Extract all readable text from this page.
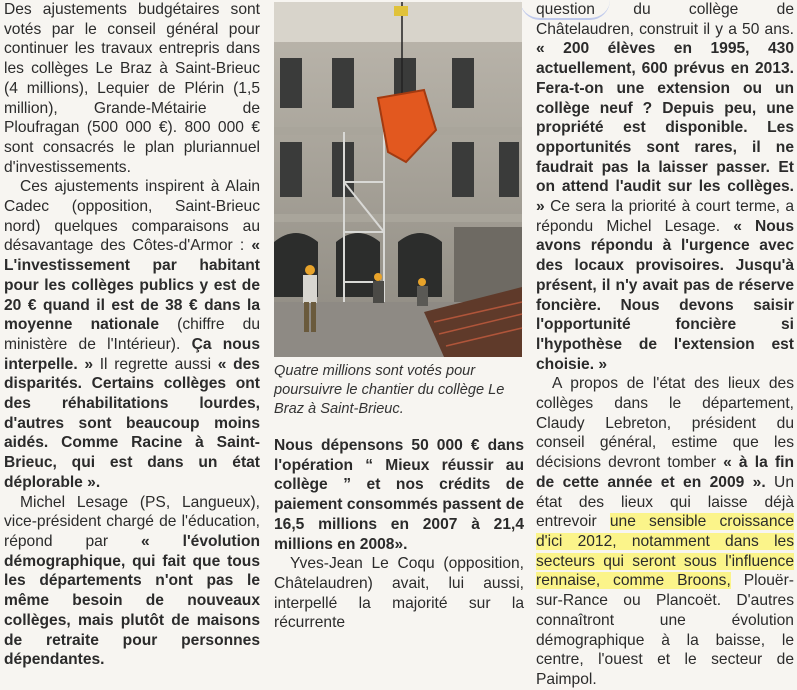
Des ajustements budgétaires sont votés par le conseil général pour continuer les travaux entrepris dans les collèges Le Braz à Saint-Brieuc (4 millions), Lequier de Plérin (1,5 million), Grande-Métairie de Ploufragan (500 000 €). 800 000 € sont consacrés le plan pluriannuel d'investissements.

Ces ajustements inspirent à Alain Cadec (opposition, Saint-Brieuc nord) quelques comparaisons au désavantage des Côtes-d'Armor : « L'investissement par habitant pour les collèges publics y est de 20 € quand il est de 38 € dans la moyenne nationale (chiffre du ministère de l'Intérieur). Ça nous interpelle. » Il regrette aussi « des disparités. Certains collèges ont des réhabilitations lourdes, d'autres sont beaucoup moins aidés. Comme Racine à Saint-Brieuc, qui est dans un état déplorable ».

Michel Lesage (PS, Langueux), vice-président chargé de l'éducation, répond par « l'évolution démographique, qui fait que tous les départements n'ont pas le même besoin de nouveaux collèges, mais plutôt de maisons de retraite pour personnes dépendantes.

Quatre millions sont votés pour poursuivre le chantier du collège Le Braz à Saint-Brieuc.

Nous dépensons 50 000 € dans l'opération “ Mieux réussir au collège ” et nos crédits de paiement consommés passent de 16,5 millions en 2007 à 21,4 millions en 2008».

Yves-Jean Le Coqu (opposition, Châtelaudren) avait, lui aussi, interpellé la majorité sur la récurrente

question du collège de Châtelaudren, construit il y a 50 ans. « 200 élèves en 1995, 430 actuellement, 600 prévus en 2013. Fera-t-on une extension ou un collège neuf ? Depuis peu, une propriété est disponible. Les opportunités sont rares, il ne faudrait pas la laisser passer. Et on attend l'audit sur les collèges. » Ce sera la priorité à court terme, a répondu Michel Lesage. « Nous avons répondu à l'urgence avec des locaux provisoires. Jusqu'à présent, il n'y avait pas de réserve foncière. Nous devons saisir l'opportunité foncière si l'hypothèse de l'extension est choisie. »

A propos de l'état des lieux des collèges dans le département, Claudy Lebreton, président du conseil général, estime que les décisions devront tomber « à la fin de cette année et en 2009 ». Un état des lieux qui laisse déjà entrevoir une sensible croissance d'ici 2012, notamment dans les secteurs qui seront sous l'influence rennaise, comme Broons, Plouër-sur-Rance ou Plancoët. D'autres connaîtront une évolution démographique à la baisse, le centre, l'ouest et le secteur de Paimpol.
